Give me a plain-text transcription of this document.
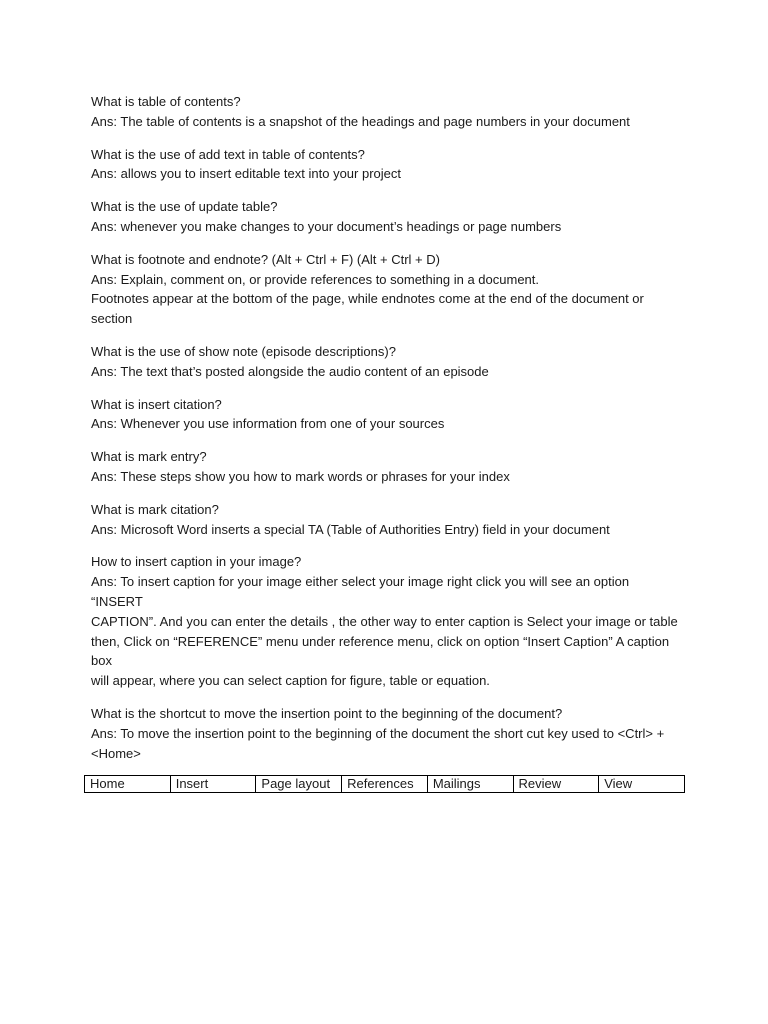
What is table of contents?

Ans: The table of contents is a snapshot of the headings and page numbers in your document

What is the use of add text in table of contents?

Ans: allows you to insert editable text into your project

What is the use of update table?

Ans: whenever you make changes to your document’s headings or page numbers

What is footnote and endnote? (Alt + Ctrl + F) (Alt + Ctrl + D)

Ans: Explain, comment on, or provide references to something in a document.

Footnotes appear at the bottom of the page, while endnotes come at the end of the document or

section

What is the use of show note (episode descriptions)?

Ans: The text that’s posted alongside the audio content of an episode

What is insert citation?

Ans: Whenever you use information from one of your sources

What is mark entry?

Ans: These steps show you how to mark words or phrases for your index

What is mark citation?

Ans: Microsoft Word inserts a special TA (Table of Authorities Entry) field in your document

How to insert caption in your image?

Ans: To insert caption for your image either select your image right click you will see an option “INSERT

CAPTION”. And you can enter the details , the other way to enter caption is Select your image or table

then, Click on “REFERENCE” menu under reference menu, click on option “Insert Caption” A caption box

will appear, where you can select caption for figure, table or equation.

What is the shortcut to move the insertion point to the beginning of the document?

Ans: To move the insertion point to the beginning of the document the short cut key used to <Ctrl> +

<Home>

Home	Insert	Page layout	References	Mailings	Review	View
